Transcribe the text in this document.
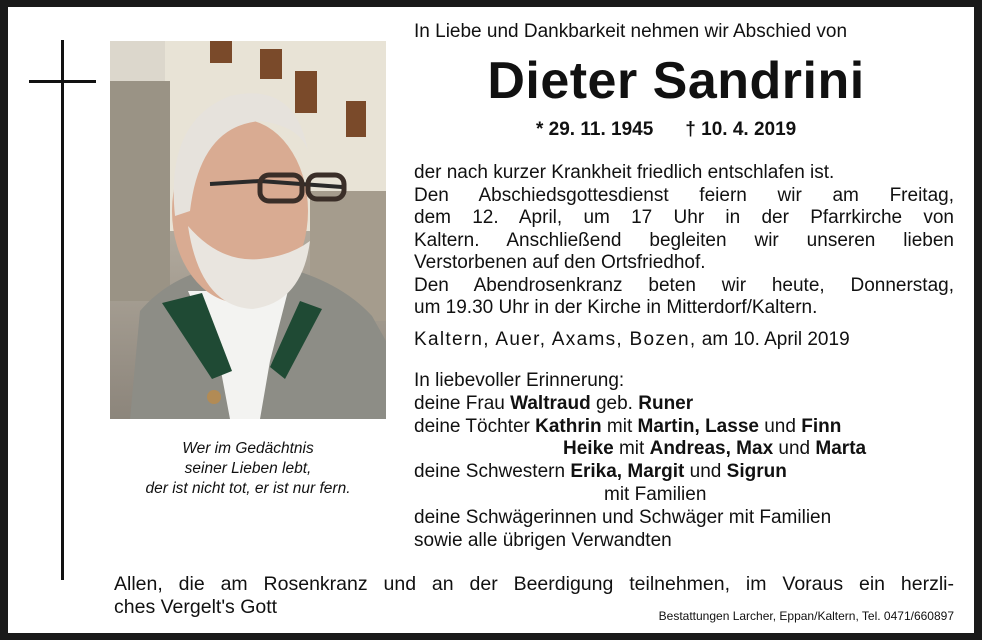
Wer im Gedächtnis
seiner Lieben lebt,
der ist nicht tot, er ist nur fern.
In Liebe und Dankbarkeit nehmen wir Abschied von
Dieter Sandrini
* 29. 11. 1945 † 10. 4. 2019
der nach kurzer Krankheit friedlich entschlafen ist.
Den Abschiedsgottesdienst feiern wir am Freitag,
dem 12. April, um 17 Uhr in der Pfarrkirche von
Kaltern. Anschließend begleiten wir unseren lieben
Verstorbenen auf den Ortsfriedhof.
Den Abendrosenkranz beten wir heute, Donnerstag,
um 19.30 Uhr in der Kirche in Mitterdorf/Kaltern.
Kaltern, Auer, Axams, Bozen, am 10. April 2019
In liebevoller Erinnerung:
deine Frau Waltraud geb. Runer
deine Töchter Kathrin mit Martin, Lasse und Finn
Heike mit Andreas, Max und Marta
deine Schwestern Erika, Margit und Sigrun
mit Familien
deine Schwägerinnen und Schwäger mit Familien
sowie alle übrigen Verwandten
Allen, die am Rosenkranz und an der Beerdigung teilnehmen, im Voraus ein herzli-
ches Vergelt's Gott	Bestattungen Larcher, Eppan/Kaltern, Tel. 0471/660897
